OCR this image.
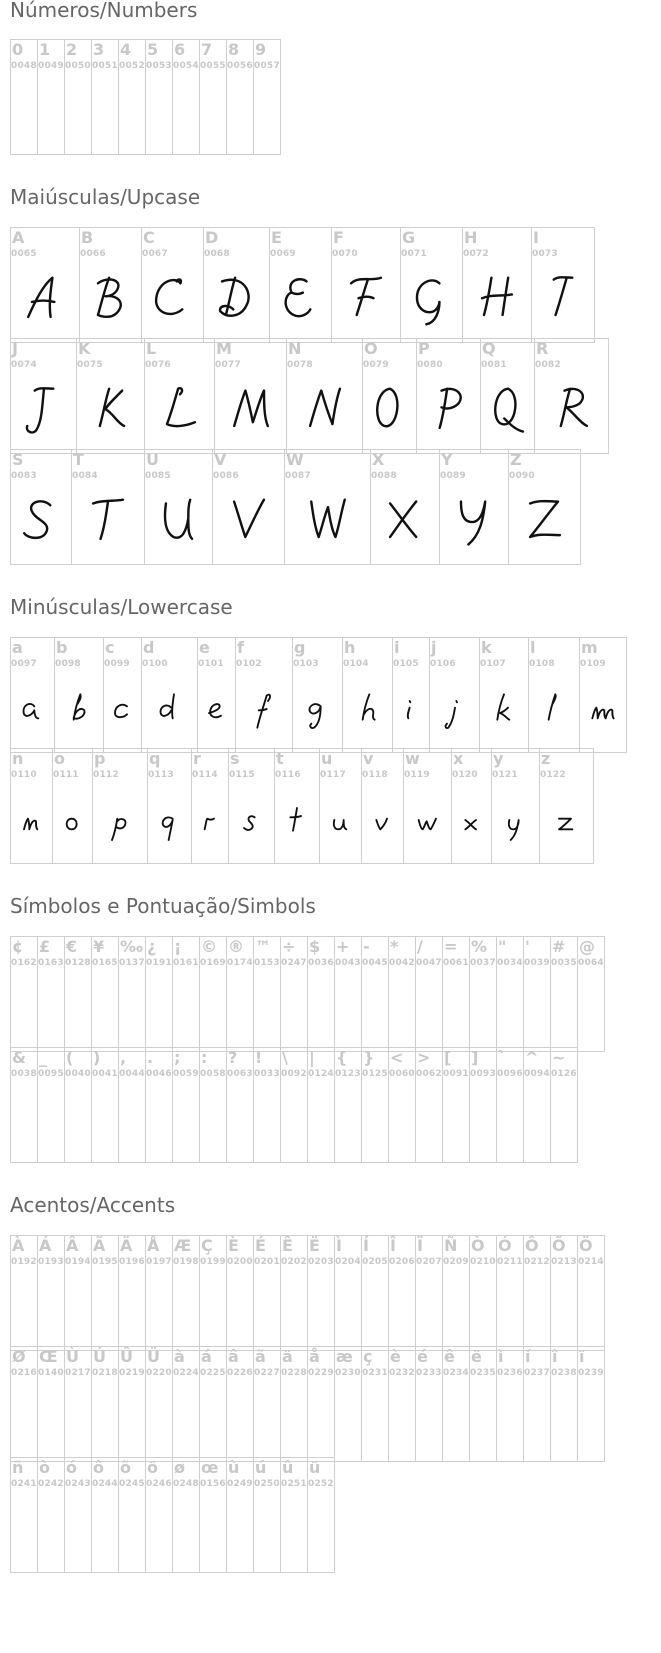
Números/Numbers
Maiúsculas/Upcase
Minúsculas/Lowercase
Símbolos e Pontuação/Simbols
Acentos/Accents
0
0048
1
0049
2
0050
3
0051
4
0052
5
0053
6
0054
7
0055
8
0056
9
0057
A
0065
B
0066
C
0067
D
0068
E
0069
F
0070
G
0071
H
0072
I
0073
J
0074
K
0075
L
0076
M
0077
N
0078
O
0079
P
0080
Q
0081
R
0082
S
0083
T
0084
U
0085
V
0086
W
0087
X
0088
Y
0089
Z
0090
a
0097
b
0098
c
0099
d
0100
e
0101
f
0102
g
0103
h
0104
i
0105
j
0106
k
0107
l
0108
m
0109
n
0110
o
0111
p
0112
q
0113
r
0114
s
0115
t
0116
u
0117
v
0118
w
0119
x
0120
y
0121
z
0122
¢
0162
£
0163
€
0128
¥
0165
‰
0137
¿
0191
¡
0161
©
0169
®
0174
™
0153
÷
0247
$
0036
+
0043
-
0045
*
0042
/
0047
=
0061
%
0037
"
0034
'
0039
#
0035
@
0064
&
0038
_
0095
(
0040
)
0041
,
0044
.
0046
;
0059
:
0058
?
0063
!
0033
\
0092
|
0124
{
0123
}
0125
<
0060
>
0062
[
0091
]
0093
`
0096
^
0094
~
0126
À
0192
Á
0193
Â
0194
Ã
0195
Ä
0196
Å
0197
Æ
0198
Ç
0199
È
0200
É
0201
Ê
0202
Ë
0203
Ì
0204
Í
0205
Î
0206
Ï
0207
Ñ
0209
Ò
0210
Ó
0211
Ô
0212
Õ
0213
Ö
0214
Ø
0216
Œ
0140
Ù
0217
Ú
0218
Û
0219
Ü
0220
à
0224
á
0225
â
0226
ã
0227
ä
0228
å
0229
æ
0230
ç
0231
è
0232
é
0233
ê
0234
ë
0235
ì
0236
í
0237
î
0238
ï
0239
ñ
0241
ò
0242
ó
0243
ô
0244
õ
0245
ö
0246
ø
0248
œ
0156
ù
0249
ú
0250
û
0251
ü
0252
